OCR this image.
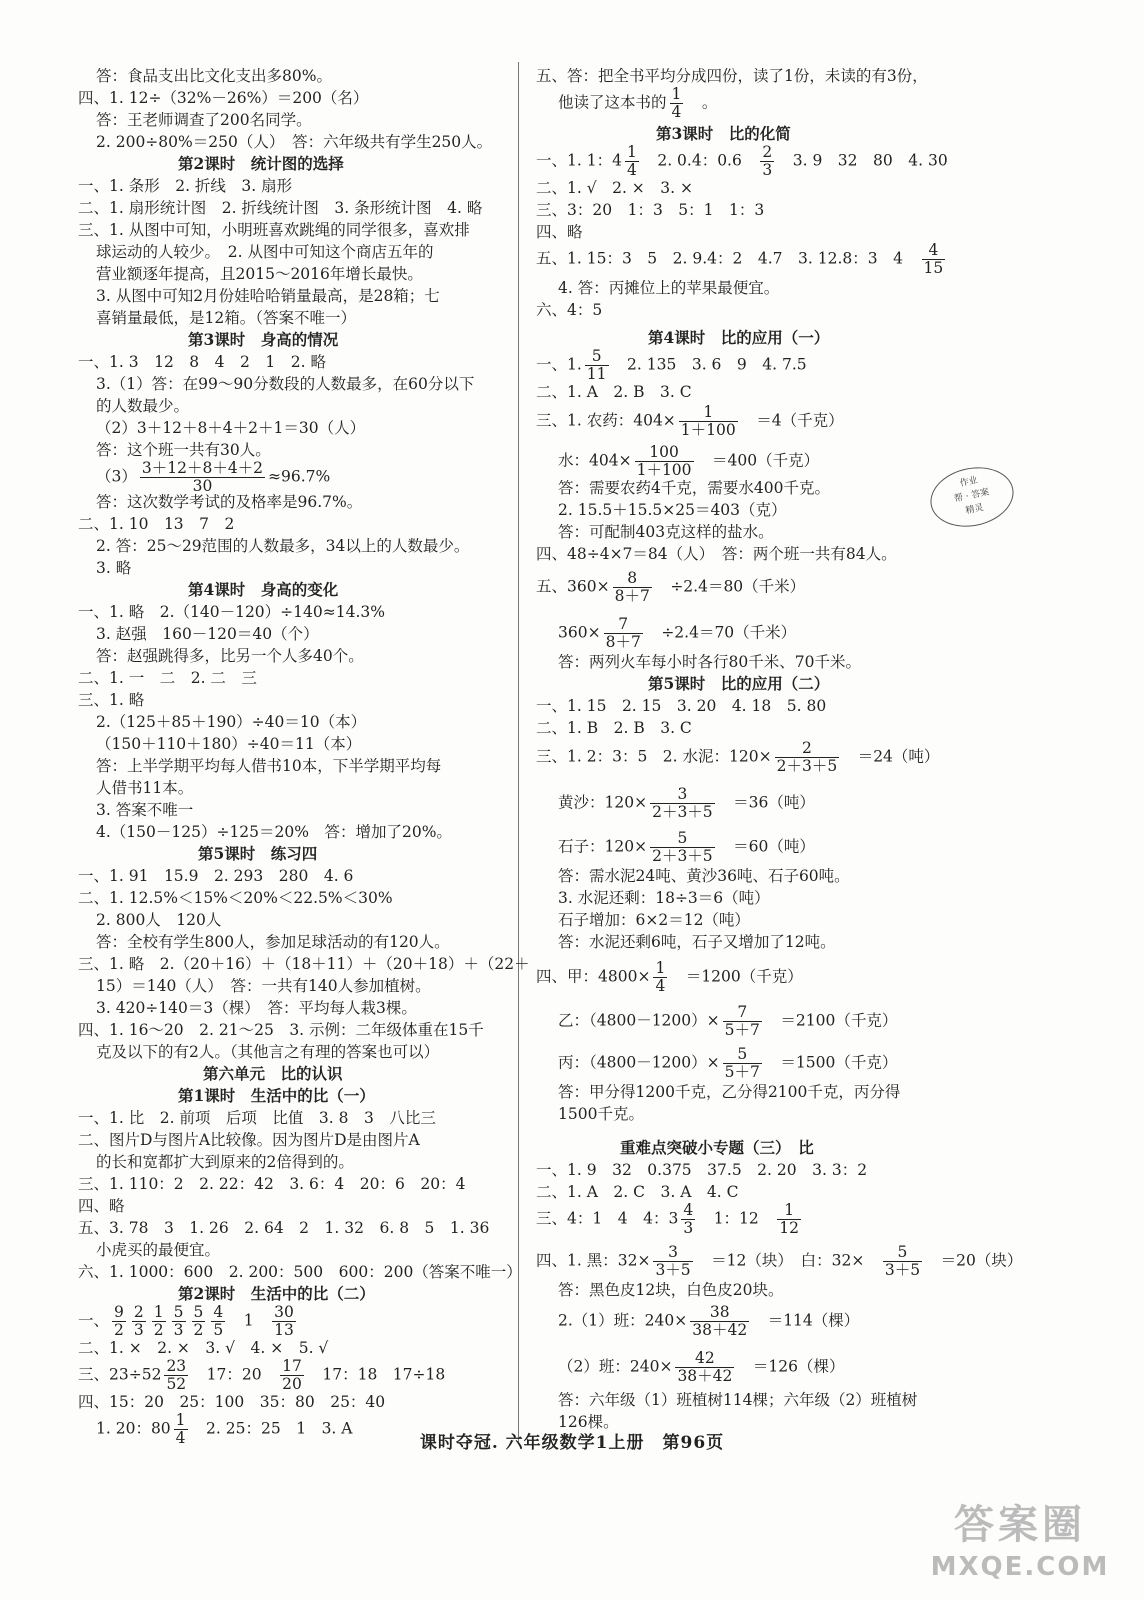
答：食品支出比文化支出多80%。
四、1. 12÷（32%－26%）＝200（名）
答：王老师调查了200名同学。
2. 200÷80%＝250（人）　答：六年级共有学生250人。
第2课时　统计图的选择
一、1. 条形　2. 折线　3. 扇形
二、1. 扇形统计图　2. 折线统计图　3. 条形统计图　4. 略
三、1. 从图中可知，小明班喜欢跳绳的同学很多，喜欢排
球运动的人较少。　2. 从图中可知这个商店五年的
营业额逐年提高，且2015～2016年增长最快。
3. 从图中可知2月份娃哈哈销量最高，是28箱；七
喜销量最低，是12箱。（答案不唯一）
第3课时　身高的情况
一、1. 3　12　8　4　2　1　2. 略
3.（1）答：在99～90分数段的人数最多，在60分以下
的人数最少。
（2）3＋12＋8＋4＋2＋1＝30（人）
答：这个班一共有30人。
$(3) \frac{3+12+8+4+2}{30} \approx 96.7\%$
答：这次数学考试的及格率是96.7%。
二、1. 10　13　7　2
2. 答：25～29范围的人数最多，34以上的人数最少。
3. 略
第4课时　身高的变化
一、1. 略　2.（140－120）÷140≈14.3%
3. 赵强　160－120＝40（个）
答：赵强跳得多，比另一个人多40个。
二、1. 一　二　2. 二　三
三、1. 略
2.（125＋85＋190）÷40＝10（本）
（150＋110＋180）÷40＝11（本）
答：上半学期平均每人借书10本，下半学期平均每
人借书11本。
3. 答案不唯一
4.（150－125）÷125＝20%　答：增加了20%。
第5课时　练习四
一、1. 91　15.9　2. 293　280　4. 6
二、1. 12.5%＜15%＜20%＜22.5%＜30%
2. 800人　120人
答：全校有学生800人，参加足球活动的有120人。
三、1. 略　2.（20＋16）＋（18＋11）＋（20＋18）＋（22＋
15）＝140（人）　答：一共有140人参加植树。
3. 420÷140＝3（棵）　答：平均每人栽3棵。
四、1. 16～20　2. 21～25　3. 示例：二年级体重在15千
克及以下的有2人。（其他言之有理的答案也可以）
第六单元　比的认识
第1课时　生活中的比（一）
一、1. 比　2. 前项　后项　比值　3. 8　3　八比三
二、图片D与图片A比较像。因为图片D是由图片A
的长和宽都扩大到原来的2倍得到的。
三、1. 110：2　2. 22：42　3. 6：4　20：6　20：4
四、略
五、3. 78　3　1. 26　2. 64　2　1. 32　6. 8　5　1. 36
小虎买的最便宜。
六、1. 1000：600　2. 200：500　600：200（答案不唯一）
第2课时　生活中的比（二）
一、 $\frac{9}{2} \frac{2}{3} \frac{1}{2} \frac{5}{3} \frac{5}{2} \frac{4}{5}$ 　1　 $\frac{30}{13}$
二、1. ×　2. ×　3. √　4. ×　5. √
三、$23\div 52 \frac{23}{52}$ 　17：20　 $\frac{17}{20}$ 　17：18　17÷18　
四、15：20　25：100　35：80　25：40
1. 20：$80 \frac{1}{4}$ 　2. 25：25　1　3. A　
五、答：把全书平均分成四份，读了1份，未读的有3份，
他读了这本书的 $\frac{1}{4}$ 　。　
第3课时　比的化简
一、1. 1：$4 \frac{1}{4}$ 　2. 0.4：0.6　 $\frac{2}{3}$ 　3. 9　32　80　4. 30　
二、1. √　2. ×　3. ×
三、3：20　1：3　5：1　1：3
四、略
五、1. 15：3　5　2. 9.4：2　4.7　3. 12.8：3　4　 $\frac{4}{15}$
4. 答：丙摊位上的苹果最便宜。
六、4：5
第4课时　比的应用（一）
一、1. $\frac{5}{11}$ 　2. 135　3. 6　9　4. 7.5　
二、1. A　2. B　3. C
三、1. 农药：$404\times \frac{1}{1+100}$ 　＝4（千克）　
水：$404\times \frac{100}{1+100}$ 　＝400（千克）　
答：需要农药4千克，需要水400千克。
2. 15.5＋15.5×25＝403（克）
答：可配制403克这样的盐水。
四、48÷4×7＝84（人）　答：两个班一共有84人。
五、$360\times \frac{8}{8+7}$ 　÷2.4＝80（千米）　
$360\times \frac{7}{8+7}$ 　÷2.4＝70（千米）　
答：两列火车每小时各行80千米、70千米。
第5课时　比的应用（二）
一、1. 15　2. 15　3. 20　4. 18　5. 80
二、1. B　2. B　3. C
三、1. 2：3：5　2. 水泥：$120\times \frac{2}{2+3+5}$ 　＝24（吨）　
黄沙：$120\times \frac{3}{2+3+5}$ 　＝36（吨）　
石子：$120\times \frac{5}{2+3+5}$ 　＝60（吨）　
答：需水泥24吨、黄沙36吨、石子60吨。
3. 水泥还剩：18÷3＝6（吨）
石子增加：6×2＝12（吨）
答：水泥还剩6吨，石子又增加了12吨。
四、甲：$4800\times \frac{1}{4}$ 　＝1200（千克）　
乙：$(4800-1200)\times \frac{7}{5+7}$ 　＝2100（千克）　
丙：$(4800-1200)\times \frac{5}{5+7}$ 　＝1500（千克）　
答：甲分得1200千克，乙分得2100千克，丙分得
1500千克。
重难点突破小专题（三）　比
一、1. 9　32　0.375　37.5　2. 20　3. 3：2
二、1. A　2. C　3. A　4. C
三、4：1　4　4：$3 \frac{4}{3}$ 　1：12　 $\frac{1}{12}$
四、1. 黑：$32\times \frac{3}{3+5}$ 　＝12（块）　白：32×　 $\frac{5}{3+5}$ 　＝20（块）　
答：黑色皮12块，白色皮20块。
2.（1）班：$240\times \frac{38}{38+42}$ 　＝114（棵）　
（2）班：$240\times \frac{42}{38+42}$ 　＝126（棵）　
答：六年级（1）班植树114棵；六年级（2）班植树
126棵。
作业
帮 · 答案
精灵
课时夺冠. 六年级数学1上册　第96页
答案圈
MXQE.COM
